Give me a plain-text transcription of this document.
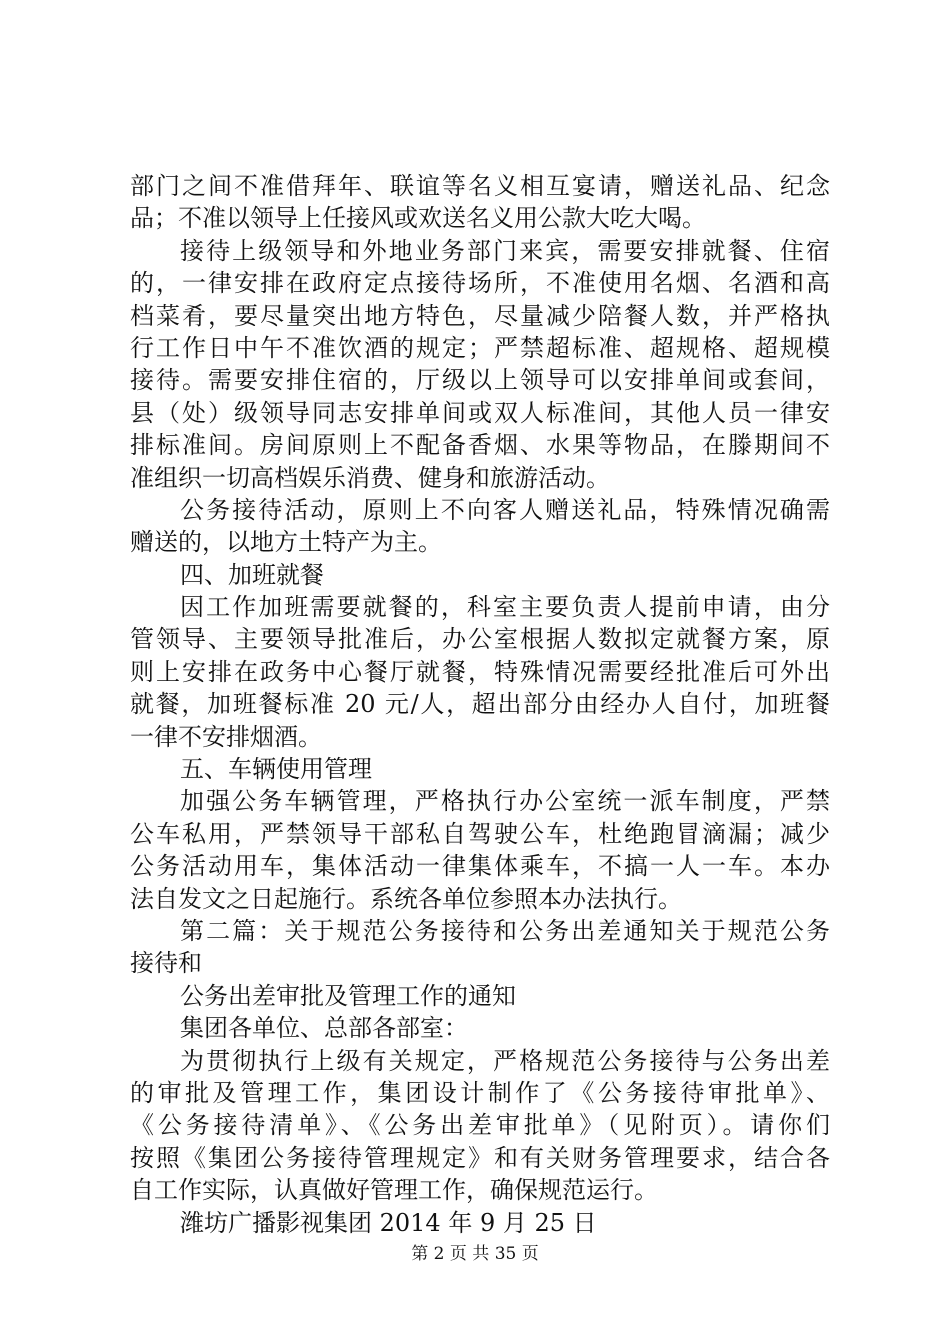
部门之间不准借拜年、联谊等名义相互宴请，赠送礼品、纪念
品；不准以领导上任接风或欢送名义用公款大吃大喝。
接待上级领导和外地业务部门来宾，需要安排就餐、住宿
的，一律安排在政府定点接待场所，不准使用名烟、名酒和高
档菜肴，要尽量突出地方特色，尽量减少陪餐人数，并严格执
行工作日中午不准饮酒的规定；严禁超标准、超规格、超规模
接待。需要安排住宿的，厅级以上领导可以安排单间或套间，
县（处）级领导同志安排单间或双人标准间，其他人员一律安
排标准间。房间原则上不配备香烟、水果等物品，在滕期间不
准组织一切高档娱乐消费、健身和旅游活动。
公务接待活动，原则上不向客人赠送礼品，特殊情况确需
赠送的，以地方土特产为主。
四、加班就餐
因工作加班需要就餐的，科室主要负责人提前申请，由分
管领导、主要领导批准后，办公室根据人数拟定就餐方案，原
则上安排在政务中心餐厅就餐，特殊情况需要经批准后可外出
就餐，加班餐标准 20 元/人，超出部分由经办人自付，加班餐
一律不安排烟酒。
五、车辆使用管理
加强公务车辆管理，严格执行办公室统一派车制度，严禁
公车私用，严禁领导干部私自驾驶公车，杜绝跑冒滴漏；减少
公务活动用车，集体活动一律集体乘车，不搞一人一车。本办
法自发文之日起施行。系统各单位参照本办法执行。
第二篇：关于规范公务接待和公务出差通知关于规范公务
接待和
公务出差审批及管理工作的通知
集团各单位、总部各部室：
为贯彻执行上级有关规定，严格规范公务接待与公务出差
的审批及管理工作，集团设计制作了《公务接待审批单》、
《公务接待清单》、《公务出差审批单》（见附页）。请你们
按照《集团公务接待管理规定》和有关财务管理要求，结合各
自工作实际，认真做好管理工作，确保规范运行。
潍坊广播影视集团 2014 年 9 月 25 日
第 2 页 共 35 页
